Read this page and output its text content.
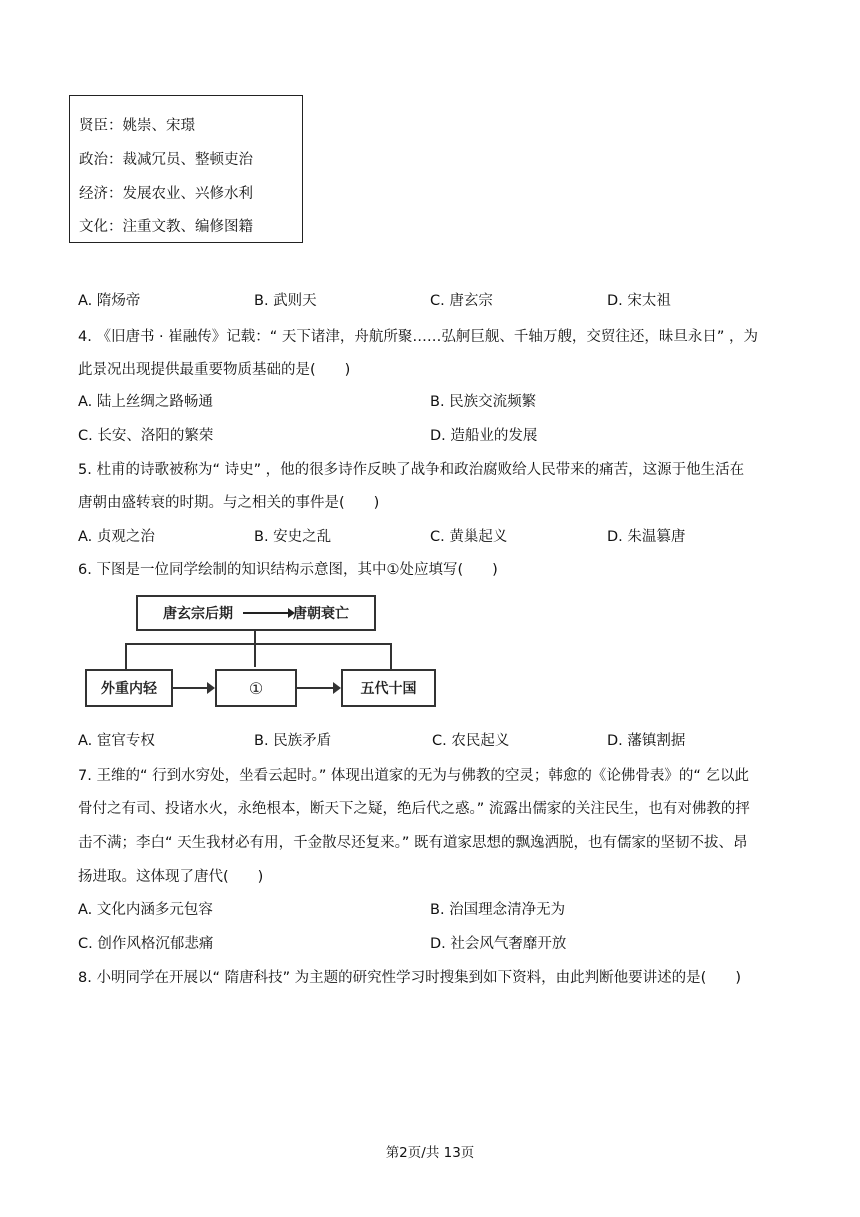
贤臣：姚崇、宋璟
政治：裁减冗员、整顿吏治
经济：发展农业、兴修水利
文化：注重文教、编修图籍
A. 隋炀帝	B. 武则天	C. 唐玄宗	D. 宋太祖
4. 《旧唐书 · 崔融传》记载：“ 天下诸津，舟航所聚……弘舸巨舰、千轴万艘，交贸往还，昧旦永日” ，为
此景况出现提供最重要物质基础的是(　　)
A. 陆上丝绸之路畅通	B. 民族交流频繁
C. 长安、洛阳的繁荣	D. 造船业的发展
5. 杜甫的诗歌被称为“ 诗史” ，他的很多诗作反映了战争和政治腐败给人民带来的痛苦，这源于他生活在
唐朝由盛转衰的时期。与之相关的事件是(　　)
A. 贞观之治	B. 安史之乱	C. 黄巢起义	D. 朱温篡唐
6. 下图是一位同学绘制的知识结构示意图，其中①处应填写(　　)
唐玄宗后期	唐朝衰亡
外重内轻	①	五代十国
A. 宦官专权	B. 民族矛盾	C. 农民起义	D. 藩镇割据
7. 王维的“ 行到水穷处，坐看云起时。” 体现出道家的无为与佛教的空灵；韩愈的《论佛骨表》的“ 乞以此
骨付之有司、投诸水火，永绝根本，断天下之疑，绝后代之惑。” 流露出儒家的关注民生，也有对佛教的抨
击不满；李白“ 天生我材必有用，千金散尽还复来。” 既有道家思想的飘逸洒脱，也有儒家的坚韧不拔、昂
扬进取。这体现了唐代(　　)
A. 文化内涵多元包容	B. 治国理念清净无为
C. 创作风格沉郁悲痛	D. 社会风气奢靡开放
8. 小明同学在开展以“ 隋唐科技” 为主题的研究性学习时搜集到如下资料，由此判断他要讲述的是(　　)
第2页/共 13页
